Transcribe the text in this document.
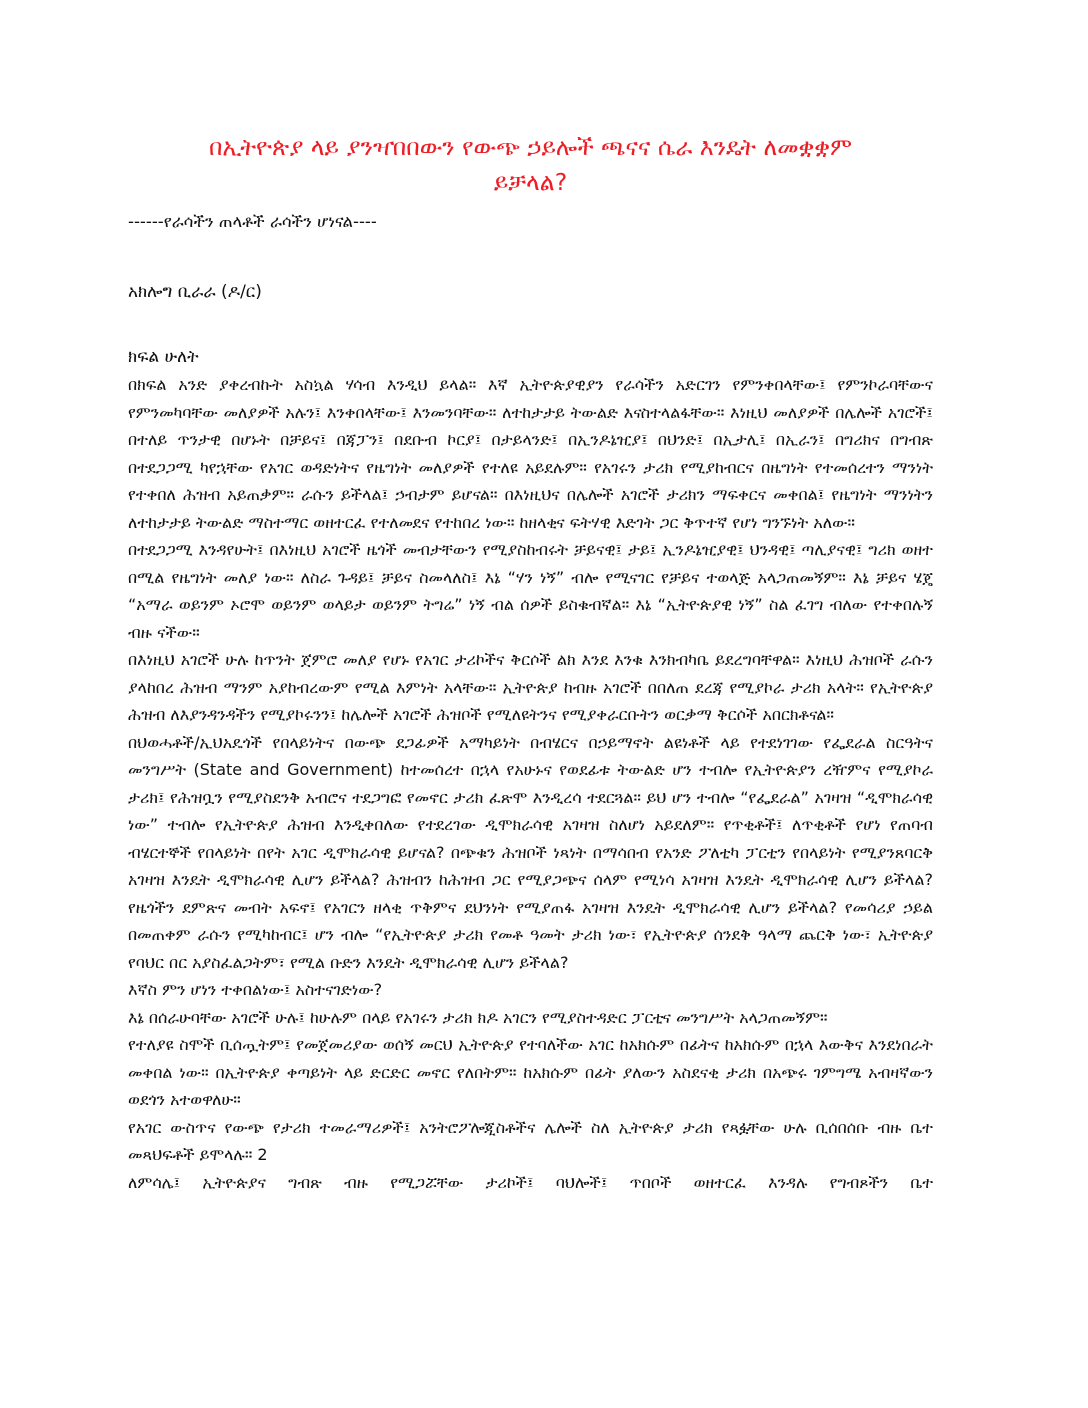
በኢትዮጵያ ላይ ያንዣበበውን የውጭ ኃይሎች ጫናና ሴራ እንዴት ለመቋቋም
ይቻላል?

------የራሳችን ጠላቶች ራሳችን ሆነናል----

አክሎግ ቢራራ (ዶ/ር)

ክፍል ሁለት

በክፍል አንድ ያቀረብኩት አስኳል ሃሳብ እንዲህ ይላል። እኛ ኢትዮጵያዊያን የራሳችን አድርገን የምንቀበላቸው፤ የምንኮራባቸውና የምንመካባቸው መለያዎች አሉን፤ እንቀበላቸው፤ እንመንባቸው። ለተከታታይ ትውልድ እናስተላልፋቸው። እነዚህ መለያዎች በሌሎች አገሮች፤ በተለይ ጥንታዊ በሆኑት በቻይና፤ በጃፓን፤ በደቡብ ኮርያ፤ በታይላንድ፤ በኢንዶኔዢያ፤ በህንድ፤ በኢታሊ፤ በኢራን፤ በግሪክና በግብጽ በተደጋጋሚ ካየኋቸው የአገር ወዳድነትና የዜግነት መለያዎች የተለዩ አይደሉም። የአገሩን ታሪክ የሚያከብርና በዜግነት የተመሰረተን ማንነት የተቀበለ ሕዝብ አይጠቃም። ራሱን ይችላል፤ ኃብታም ይሆናል። በእነዚህና በሌሎች አገሮች ታሪክን ማፍቀርና መቀበል፤ የዜግነት ማንነትን ለተከታታይ ትውልድ ማስተማር ወዘተርፈ የተለመደና የተከበረ ነው። ከዘላቂና ፍትሃዊ እድገት ጋር ቅጥተኛ የሆነ ግንኙነት አለው።

በተደጋጋሚ እንዳየሁት፤ በእነዚህ አገሮች ዜጎች መብታቸውን የሚያስከብሩት ቻይናዊ፤ ታይ፤ ኢንዶኔዢያዊ፤ ህንዳዊ፤ ጣሊያናዊ፤ ግሪክ ወዘተ በሚል የዜግነት መለያ ነው። ለስራ ጉዳይ፤ ቻይና ስመላለስ፤ እኔ “ሃን ነኝ” ብሎ የሚናገር የቻይና ተወላጅ አላጋጠመኝም። እኔ ቻይና ሄጄ “አማራ ወይንም ኦሮሞ ወይንም ወላይታ ወይንም ትግሬ” ነኝ ብል ሰዎች ይስቁብኛል። እኔ “ኢትዮጵያዊ ነኝ” ስል ፈገግ ብለው የተቀበሉኝ ብዙ ናችው።

በእነዚህ አገሮች ሁሉ ከጥንት ጀምሮ መለያ የሆኑ የአገር ታሪኮችና ቅርሶች ልክ እንደ እንቁ እንክብካቤ ይደረግባቸዋል። እነዚህ ሕዝቦች ራሱን ያላከበረ ሕዝብ ማንም አያከብረውም የሚል እምነት አላቸው። ኢትዮጵያ ከብዙ አገሮች በበለጠ ደረጃ የሚያኮራ ታሪክ አላት። የኢትዮጵያ ሕዝብ ለእያንዳንዳችን የሚያኮሩንን፤ ከሌሎች አገሮች ሕዝቦች የሚለዩትንና የሚያቀራርቡትን ወርቃማ ቅርሶች አበርክቶናል።

በህወሓቶች/ኢህአዴጎች የበላይነትና በውጭ ደጋፊዎች አማካይነት በብሄርና በኃይማኖት ልዩነቶች ላይ የተደነገገው የፌደራል ስርዓትና መንግሥት (State and Government) ከተመሰረተ በኋላ የአሁኑና የወደፊቱ ትውልድ ሆን ተብሎ የኢትዮጵያን ረዥምና የሚያኮራ ታሪክ፤ የሕዝቧን የሚያስደንቅ አብሮና ተደጋግፎ የመኖር ታሪክ ፈጽሞ እንዲረሳ ተደርጓል። ይህ ሆን ተብሎ “የፌደራል” አገዛዝ “ዲሞክራሳዊ ነው” ተብሎ የኢትዮጵያ ሕዝብ እንዲቀበለው የተደረገው ዲሞክራሳዊ አገዛዝ ስለሆነ አይደለም። የጥቂቶች፤ ለጥቂቶች የሆነ የጠባብ ብሄርተኞች የበላይነት በየት አገር ዲሞክራሳዊ ይሆናል? በጭቁን ሕዝቦች ነጻነት በማሳበብ የአንድ ፖለቲካ ፓርቲን የበላይነት የሚያንጸባርቅ አገዛዝ እንዴት ዲሞክራሳዊ ሊሆን ይችላል? ሕዝብን ከሕዝብ ጋር የሚያጋጭና ሰላም የሚነሳ አገዛዝ እንዴት ዲሞክራሳዊ ሊሆን ይችላል? የዜጎችን ደምጽና መብት አፍኖ፤ የአገርን ዘላቂ ጥቅምና ደህንነት የሚያጠፋ አገዛዝ እንዴት ዲሞክራሳዊ ሊሆን ይችላል? የመሳሪያ ኃይል በመጠቀም ራሱን የሚካከብር፤ ሆን ብሎ “የኢትዮጵያ ታሪክ የመቶ ዓመት ታሪክ ነው፣ የኢትዮጵያ ሰንደቅ ዓላማ ጨርቅ ነው፣ ኢትዮጵያ የባህር በር አያስፈልጋትም፣ የሚል ቡድን እንዴት ዲሞክራሳዊ ሊሆን ይችላል?

እኛስ ምን ሆነን ተቀበልነው፤ አስተናገድነው?

እኔ በሰራሁባቸው አገሮች ሁሉ፤ ከሁሉም በላይ የአገሩን ታሪክ ክዶ አገርን የሚያስተዳድር ፓርቲና መንግሥት አላጋጠመኝም።

የተለያዩ ስሞች ቢሰጧትም፤ የመጀመሪያው ወሰኝ መርህ ኢትዮጵያ የተባለችው አገር ከአክሱም በፊትና ከአክሱም በኋላ እውቅና እንደነበራት መቀበል ነው። በኢትዮጵያ ቀጣይነት ላይ ድርድር መኖር የለበትም። ከአክሱም በፊት ያለውን አስደናቂ ታሪክ በአጭሩ ገምግሜ አብዛኛውን ወደጎን አተወዋለሁ።

የአገር ውስጥና የውጭ የታሪክ ተመራማሪዎች፤ አንትሮፖሎጂስቶችና ሌሎች ስለ ኢትዮጵያ ታሪክ የጻፏቸው ሁሉ ቢሰበሰቡ ብዙ ቤተ መጻህፍቶች ይሞላሉ። 2

ለምሳሌ፤ ኢትዮጵያና ግብጽ ብዙ የሚጋሯቸው ታሪኮች፤ ባህሎች፤ ጥበቦች ወዘተርፈ እንዳሉ የግብጾችን ቤተ
